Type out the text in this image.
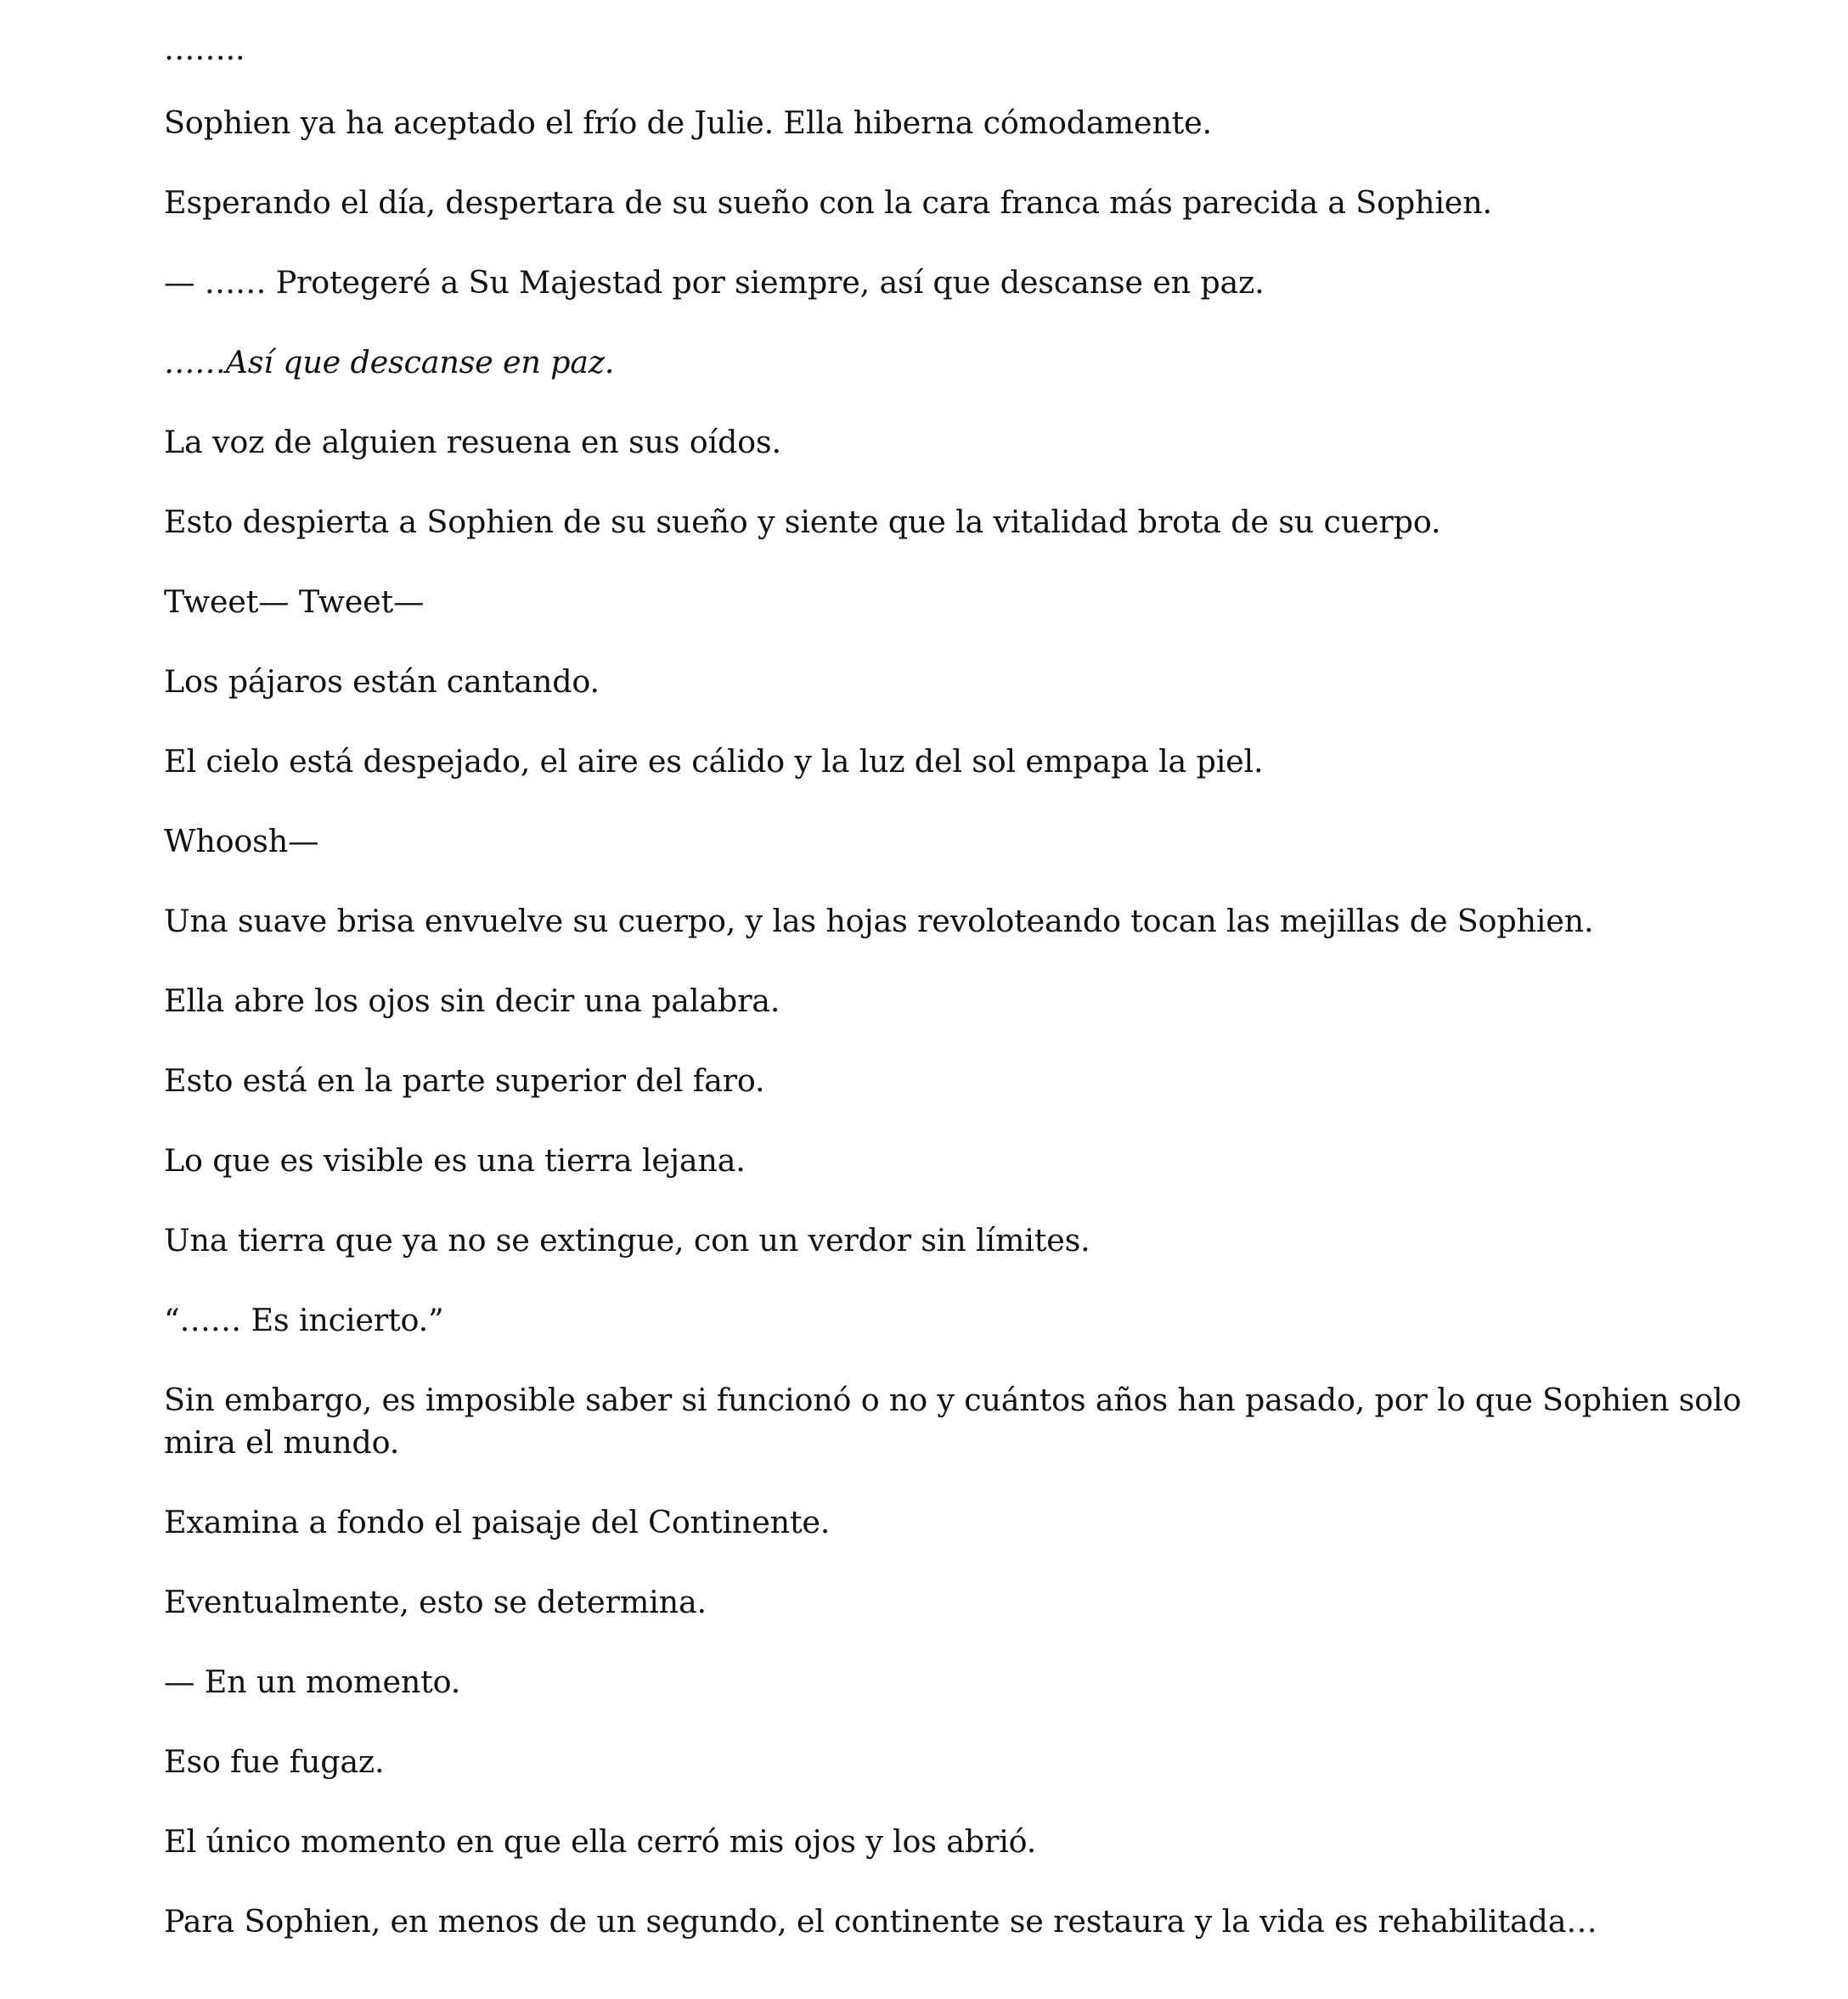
……..

Sophien ya ha aceptado el frío de Julie. Ella hiberna cómodamente.

Esperando el día, despertara de su sueño con la cara franca más parecida a Sophien.

— …… Protegeré a Su Majestad por siempre, así que descanse en paz.

……Así que descanse en paz.

La voz de alguien resuena en sus oídos.

Esto despierta a Sophien de su sueño y siente que la vitalidad brota de su cuerpo.

Tweet— Tweet—

Los pájaros están cantando.

El cielo está despejado, el aire es cálido y la luz del sol empapa la piel.

Whoosh—

Una suave brisa envuelve su cuerpo, y las hojas revoloteando tocan las mejillas de Sophien.

Ella abre los ojos sin decir una palabra.

Esto está en la parte superior del faro.

Lo que es visible es una tierra lejana.

Una tierra que ya no se extingue, con un verdor sin límites.

“…… Es incierto.”

Sin embargo, es imposible saber si funcionó o no y cuántos años han pasado, por lo que Sophien solo mira el mundo.

Examina a fondo el paisaje del Continente.

Eventualmente, esto se determina.

— En un momento.

Eso fue fugaz.

El único momento en que ella cerró mis ojos y los abrió.

Para Sophien, en menos de un segundo, el continente se restaura y la vida es rehabilitada…
